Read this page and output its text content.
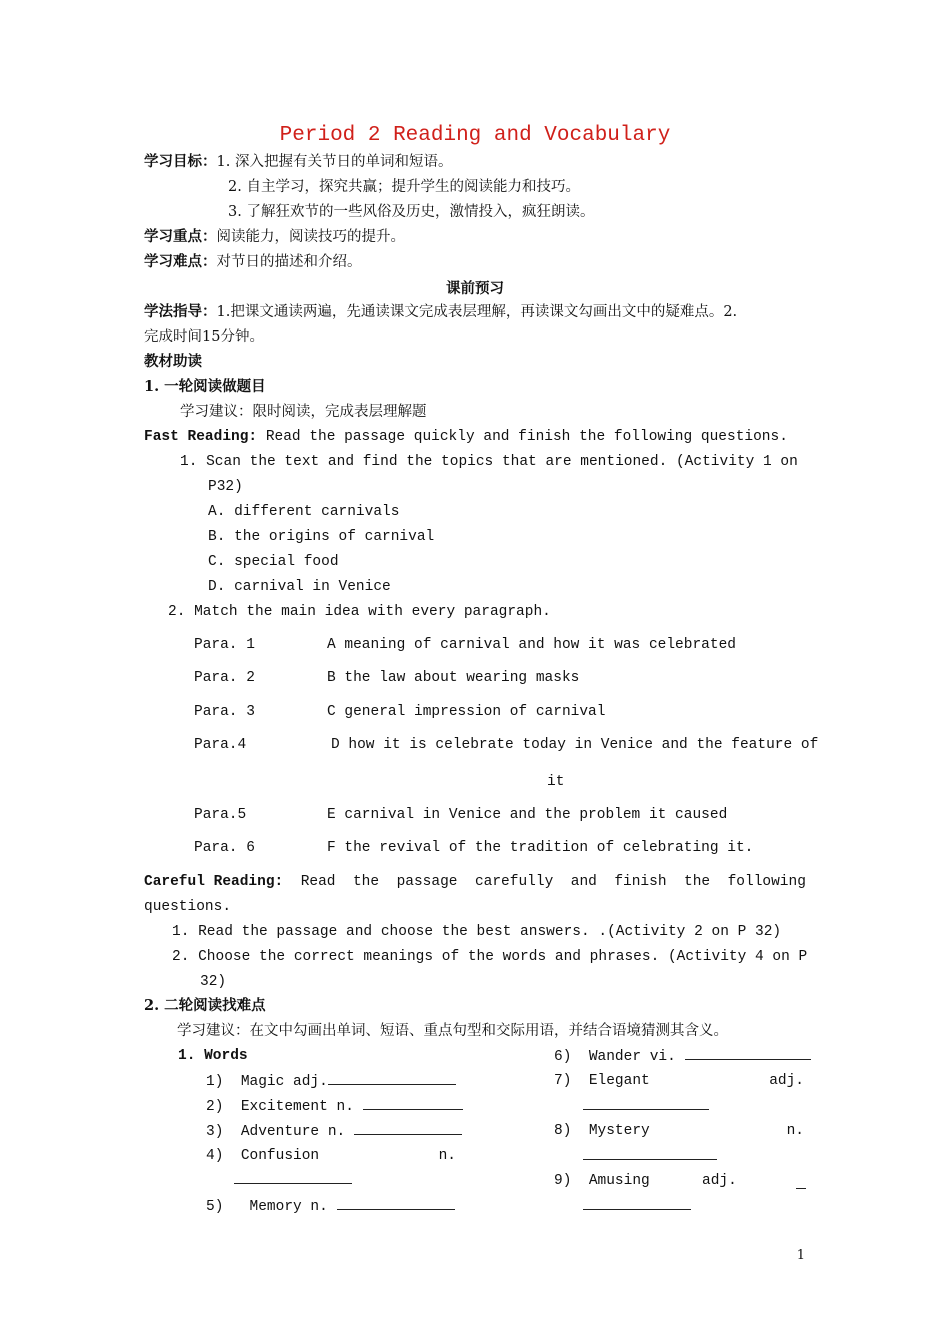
Period 2 Reading and Vocabulary
学习目标：1. 深入把握有关节日的单词和短语。
2. 自主学习，探究共赢；提升学生的阅读能力和技巧。
3. 了解狂欢节的一些风俗及历史，激情投入，疯狂朗读。
学习重点：阅读能力，阅读技巧的提升。
学习难点：对节日的描述和介绍。
课前预习
学法指导：1.把课文通读两遍，先通读课文完成表层理解，再读课文勾画出文中的疑难点。2.
完成时间15分钟。
教材助读
1. 一轮阅读做题目
学习建议：限时阅读，完成表层理解题
Fast Reading: Read the passage quickly and finish the following questions.
1. Scan the text and find the topics that are mentioned. (Activity 1 on
P32)
A. different carnivals
B. the origins of carnival
C. special food
D. carnival in Venice
2. Match the main idea with every paragraph.
Para. 1	A meaning of carnival and how it was celebrated
Para. 2	B the law about wearing masks
Para. 3	C general impression of carnival
Para.4	D how it is celebrate today in Venice and the feature of
it
Para.5	E carnival in Venice and the problem it caused
Para. 6	F the revival of the tradition of celebrating it.
Careful Reading: Read the passage carefully and finish the following
questions.
1. Read the passage and choose the best answers. .(Activity 2 on P 32)
2. Choose the correct meanings of the words and phrases. (Activity 4 on P
32)
2. 二轮阅读找难点
学习建议：在文中勾画出单词、短语、重点句型和交际用语，并结合语境猜测其含义。
1. Words
1) Magic adj.
2) Excitement n.
3) Adventure n.
4) Confusion	n.
5) Memory n.
6) Wander vi.
7) Elegant	adj.
8) Mystery	n.
9) Amusing	adj.
1
